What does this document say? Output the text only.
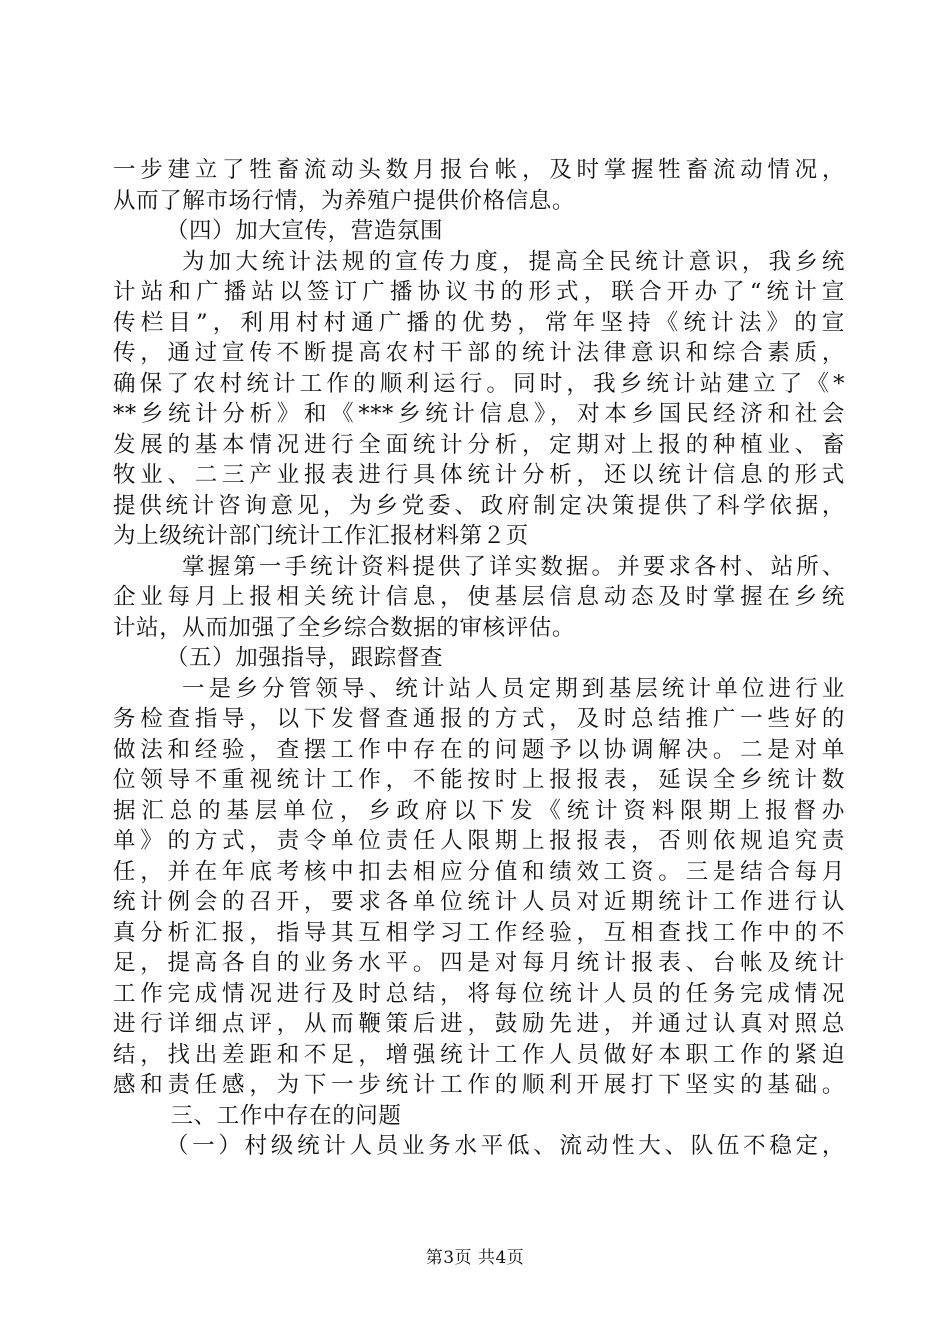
一步建立了牲畜流动头数月报台帐，及时掌握牲畜流动情况，
从而了解市场行情，为养殖户提供价格信息。
（四）加大宣传，营造氛围
为加大统计法规的宣传力度，提高全民统计意识，我乡统
计站和广播站以签订广播协议书的形式，联合开办了“统计宣
传栏目”，利用村村通广播的优势，常年坚持《统计法》的宣
传，通过宣传不断提高农村干部的统计法律意识和综合素质，
确保了农村统计工作的顺利运行。同时，我乡统计站建立了《*
**乡统计分析》和《***乡统计信息》，对本乡国民经济和社会
发展的基本情况进行全面统计分析，定期对上报的种植业、畜
牧业、二三产业报表进行具体统计分析，还以统计信息的形式
提供统计咨询意见，为乡党委、政府制定决策提供了科学依据，
为上级统计部门统计工作汇报材料第２页
掌握第一手统计资料提供了详实数据。并要求各村、站所、
企业每月上报相关统计信息，使基层信息动态及时掌握在乡统
计站，从而加强了全乡综合数据的审核评估。
（五）加强指导，跟踪督查
一是乡分管领导、统计站人员定期到基层统计单位进行业
务检查指导，以下发督查通报的方式，及时总结推广一些好的
做法和经验，查摆工作中存在的问题予以协调解决。二是对单
位领导不重视统计工作，不能按时上报报表，延误全乡统计数
据汇总的基层单位，乡政府以下发《统计资料限期上报督办
单》的方式，责令单位责任人限期上报报表，否则依规追究责
任，并在年底考核中扣去相应分值和绩效工资。三是结合每月
统计例会的召开，要求各单位统计人员对近期统计工作进行认
真分析汇报，指导其互相学习工作经验，互相查找工作中的不
足，提高各自的业务水平。四是对每月统计报表、台帐及统计
工作完成情况进行及时总结，将每位统计人员的任务完成情况
进行详细点评，从而鞭策后进，鼓励先进，并通过认真对照总
结，找出差距和不足，增强统计工作人员做好本职工作的紧迫
感和责任感，为下一步统计工作的顺利开展打下坚实的基础。
三、工作中存在的问题
（一）村级统计人员业务水平低、流动性大、队伍不稳定，
第3页 共4页
